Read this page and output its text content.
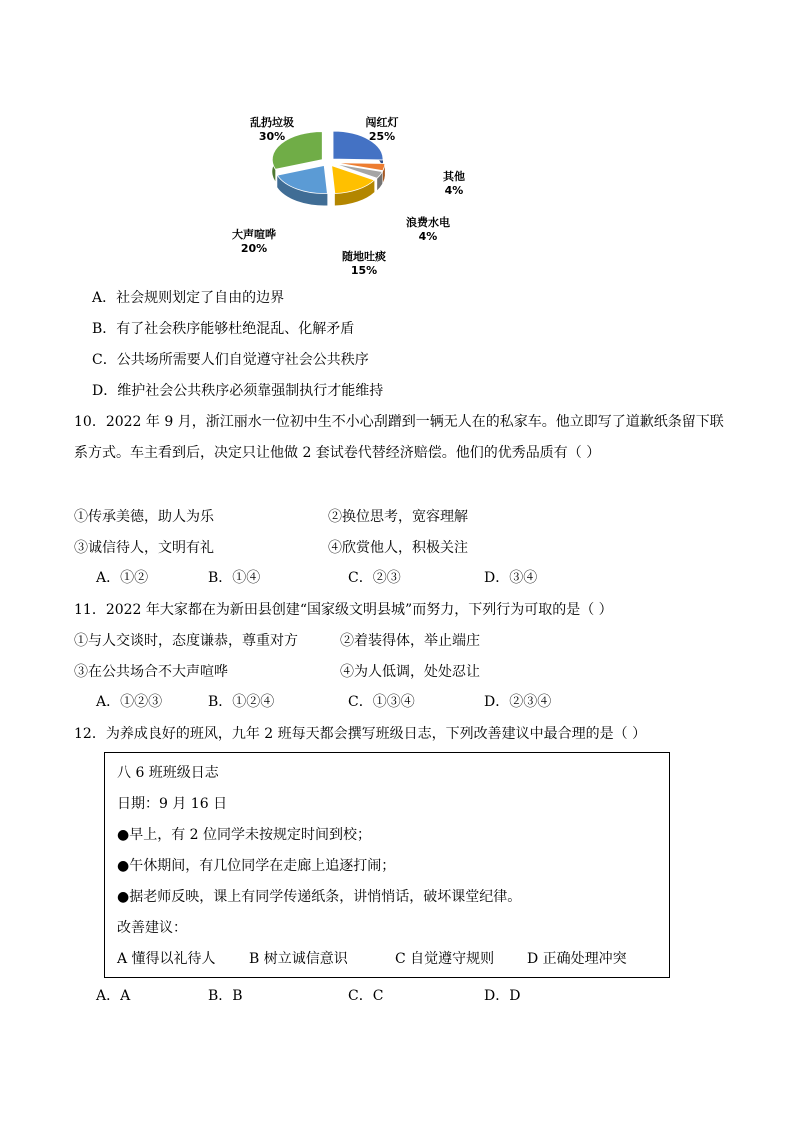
闯红灯
25%
其他
4%
浪费水电
4%
随地吐痰
15%
大声喧哗
20%
乱扔垃圾
30%
A．社会规则划定了自由的边界
B．有了社会秩序能够杜绝混乱、化解矛盾
C．公共场所需要人们自觉遵守社会公共秩序
D．维护社会公共秩序必须靠强制执行才能维持
10．2022 年 9 月，浙江丽水一位初中生不小心刮蹭到一辆无人在的私家车。他立即写了道歉纸条留下联系方式。车主看到后，决定只让他做 2 套试卷代替经济赔偿。他们的优秀品质有（ ）
①传承美德，助人为乐	②换位思考，宽容理解
③诚信待人，文明有礼	④欣赏他人，积极关注
A．①②	B．①④	C．②③	D．③④
11．2022 年大家都在为新田县创建“国家级文明县城”而努力，下列行为可取的是（ ）
①与人交谈时，态度谦恭，尊重对方	②着装得体，举止端庄
③在公共场合不大声喧哗	④为人低调，处处忍让
A．①②③	B．①②④	C．①③④	D．②③④
12．为养成良好的班风，九年 2 班每天都会撰写班级日志，下列改善建议中最合理的是（ ）
八 6 班班级日志
日期：9 月 16 日
●早上，有 2 位同学未按规定时间到校；
●午休期间，有几位同学在走廊上追逐打闹；
●据老师反映，课上有同学传递纸条，讲悄悄话，破坏课堂纪律。
改善建议：
A 懂得以礼待人 B 树立诚信意识	C 自觉遵守规则 D 正确处理冲突
A．A	B．B	C．C	D．D
